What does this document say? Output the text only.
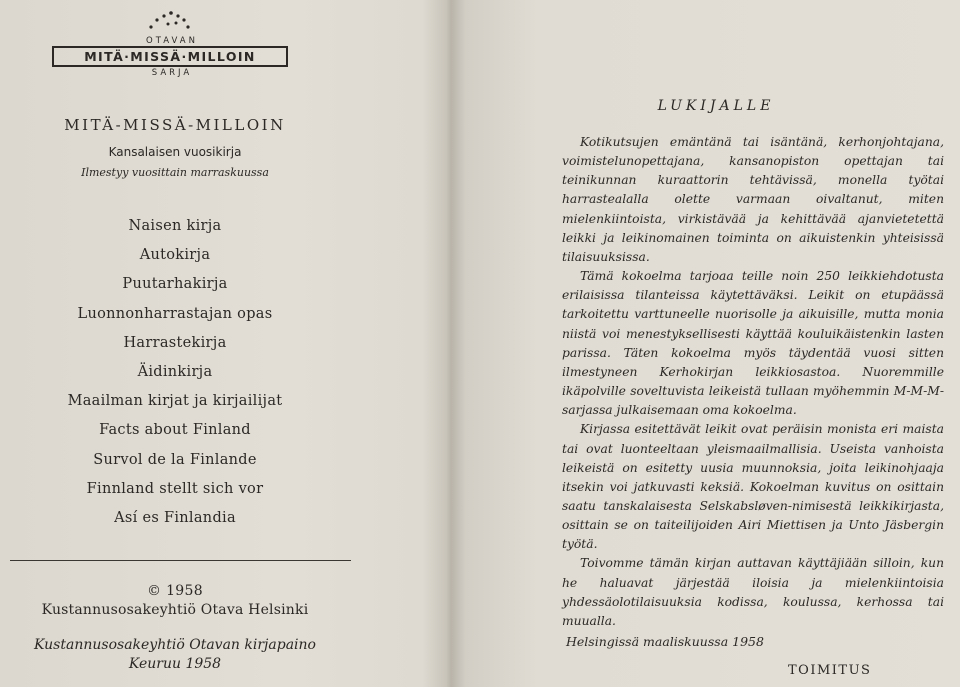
OTAVAN
MITÄ·MISSÄ·MILLOIN
SARJA
MITÄ-MISSÄ-MILLOIN
Kansalaisen vuosikirja
Ilmestyy vuosittain marraskuussa
Naisen kirja
Autokirja
Puutarhakirja
Luonnonharrastajan opas
Harrastekirja
Äidinkirja
Maailman kirjat ja kirjailijat
Facts about Finland
Survol de la Finlande
Finnland stellt sich vor
Así es Finlandia
© 1958
Kustannusosakeyhtiö Otava Helsinki
Kustannusosakeyhtiö Otavan kirjapaino
Keuruu 1958
LUKIJALLE

Kotikutsujen emäntänä tai isäntänä, kerhonjohtajana, voimistelunopettajana, kansanopiston opettajan tai teinikunnan kuraattorin tehtävissä, monella työtai harrastealalla olette varmaan oivaltanut, miten mielenkiintoista, virkistävää ja kehittävää ajanvietetettä leikki ja leikinomainen toiminta on aikuistenkin yhteisissä tilaisuuksissa.

Tämä kokoelma tarjoaa teille noin 250 leikkiehdotusta erilaisissa tilanteissa käytettäväksi. Leikit on etupäässä tarkoitettu varttuneelle nuorisolle ja aikuisille, mutta monia niistä voi menestyksellisesti käyttää kouluikäistenkin lasten parissa. Täten kokoelma myös täydentää vuosi sitten ilmestyneen Kerhokirjan leikkiosastoa. Nuoremmille ikäpolville soveltuvista leikeistä tullaan myöhemmin M-M-M-sarjassa julkaisemaan oma kokoelma.

Kirjassa esitettävät leikit ovat peräisin monista eri maista tai ovat luonteeltaan yleismaailmallisia. Useista vanhoista leikeistä on esitetty uusia muunnoksia, joita leikinohjaaja itsekin voi jatkuvasti keksiä. Kokoelman kuvitus on osittain saatu tanskalaisesta Selskabsløven-nimisestä leikkikirjasta, osittain se on taiteilijoiden Airi Miettisen ja Unto Jäsbergin työtä.

Toivomme tämän kirjan auttavan käyttäjiään silloin, kun he haluavat järjestää iloisia ja mielenkiintoisia yhdessäolotilaisuuksia kodissa, koulussa, kerhossa tai muualla.

Helsingissä maaliskuussa 1958
TOIMITUS
